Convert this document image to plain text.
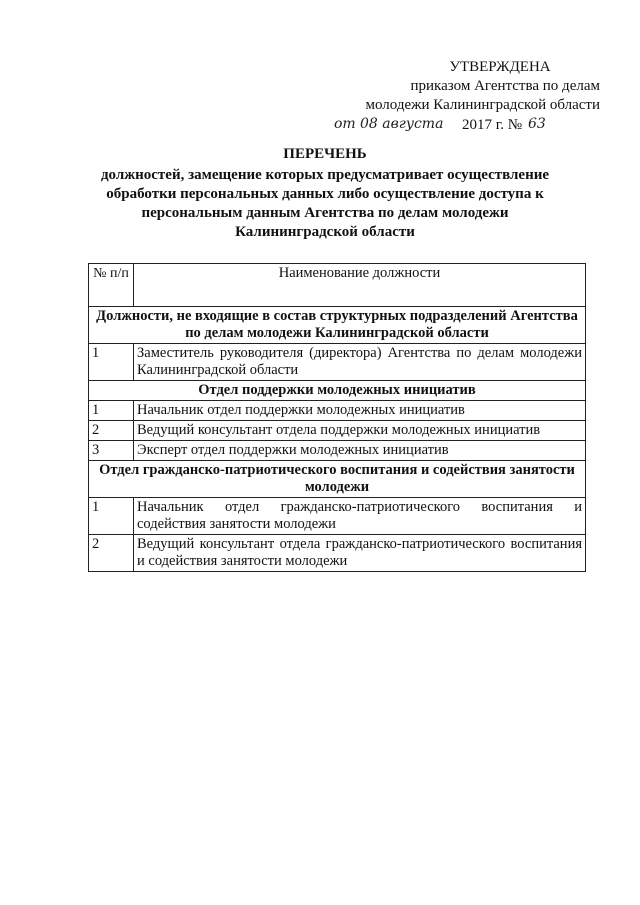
УТВЕРЖДЕНА
приказом Агентства по делам
молодежи Калининградской области
от 08 августа 2017 г. № 63
ПЕРЕЧЕНЬ
должностей, замещение которых предусматривает осуществление обработки персональных данных либо осуществление доступа к персональным данным Агентства по делам молодежи Калининградской области
№ п/п	Наименование должности
Должности, не входящие в состав структурных подразделений Агентства по делам молодежи Калининградской области	
1	Заместитель руководителя (директора) Агентства по делам молодежи Калининградской области
Отдел поддержки молодежных инициатив	
1	Начальник отдел поддержки молодежных инициатив
2	Ведущий консультант отдела поддержки молодежных инициатив
3	Эксперт отдел поддержки молодежных инициатив
Отдел гражданско-патриотического воспитания и содействия занятости молодежи	
1	Начальник отдел гражданско-патриотического воспитания и содействия занятости молодежи
2	Ведущий консультант отдела гражданско-патриотического воспитания и содействия занятости молодежи
